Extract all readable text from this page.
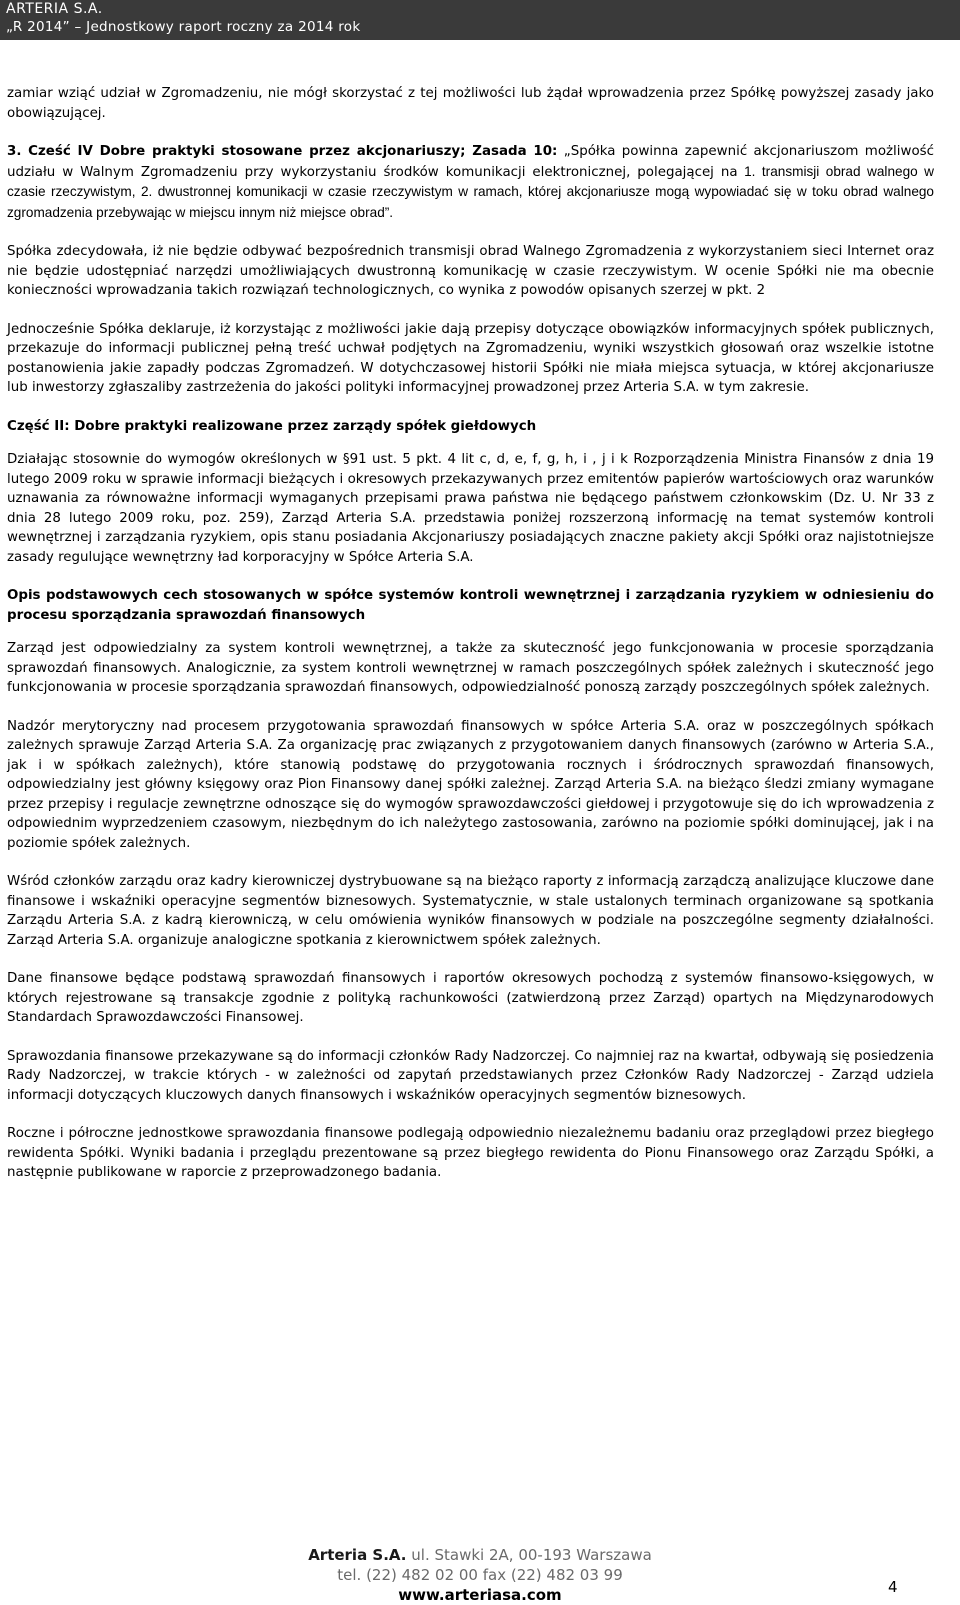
ARTERIA S.A.
„R 2014” – Jednostkowy raport roczny za 2014 rok

zamiar wziąć udział w Zgromadzeniu, nie mógł skorzystać z tej możliwości lub żądał wprowadzenia przez Spółkę powyższej zasady jako obowiązującej.

3. Cześć IV Dobre praktyki stosowane przez akcjonariuszy; Zasada 10: „Spółka powinna zapewnić akcjonariuszom możliwość udziału w Walnym Zgromadzeniu przy wykorzystaniu środków komunikacji elektronicznej, polegającej na 1. transmisji obrad walnego w czasie rzeczywistym, 2. dwustronnej komunikacji w czasie rzeczywistym w ramach, której akcjonariusze mogą wypowiadać się w toku obrad walnego zgromadzenia przebywając w miejscu innym niż miejsce obrad”.

Spółka zdecydowała, iż nie będzie odbywać bezpośrednich transmisji obrad Walnego Zgromadzenia z wykorzystaniem sieci Internet oraz nie będzie udostępniać narzędzi umożliwiających dwustronną komunikację w czasie rzeczywistym. W ocenie Spółki nie ma obecnie konieczności wprowadzania takich rozwiązań technologicznych, co wynika z powodów opisanych szerzej w pkt. 2

Jednocześnie Spółka deklaruje, iż korzystając z możliwości jakie dają przepisy dotyczące obowiązków informacyjnych spółek publicznych, przekazuje do informacji publicznej pełną treść uchwał podjętych na Zgromadzeniu, wyniki wszystkich głosowań oraz wszelkie istotne postanowienia jakie zapadły podczas Zgromadzeń. W dotychczasowej historii Spółki nie miała miejsca sytuacja, w której akcjonariusze lub inwestorzy zgłaszaliby zastrzeżenia do jakości polityki informacyjnej prowadzonej przez Arteria S.A. w tym zakresie.

Część II: Dobre praktyki realizowane przez zarządy spółek giełdowych

Działając stosownie do wymogów określonych w §91 ust. 5 pkt. 4 lit c, d, e, f, g, h, i , j i k Rozporządzenia Ministra Finansów z dnia 19 lutego 2009 roku w sprawie informacji bieżących i okresowych przekazywanych przez emitentów papierów wartościowych oraz warunków uznawania za równoważne informacji wymaganych przepisami prawa państwa nie będącego państwem członkowskim (Dz. U. Nr 33 z dnia 28 lutego 2009 roku, poz. 259), Zarząd Arteria S.A. przedstawia poniżej rozszerzoną informację na temat systemów kontroli wewnętrznej i zarządzania ryzykiem, opis stanu posiadania Akcjonariuszy posiadających znaczne pakiety akcji Spółki oraz najistotniejsze zasady regulujące wewnętrzny ład korporacyjny w Spółce Arteria S.A.

Opis podstawowych cech stosowanych w spółce systemów kontroli wewnętrznej i zarządzania ryzykiem w odniesieniu do procesu sporządzania sprawozdań finansowych

Zarząd jest odpowiedzialny za system kontroli wewnętrznej, a także za skuteczność jego funkcjonowania w procesie sporządzania sprawozdań finansowych. Analogicznie, za system kontroli wewnętrznej w ramach poszczególnych spółek zależnych i skuteczność jego funkcjonowania w procesie sporządzania sprawozdań finansowych, odpowiedzialność ponoszą zarządy poszczególnych spółek zależnych.

Nadzór merytoryczny nad procesem przygotowania sprawozdań finansowych w spółce Arteria S.A. oraz w poszczególnych spółkach zależnych sprawuje Zarząd Arteria S.A. Za organizację prac związanych z przygotowaniem danych finansowych (zarówno w Arteria S.A., jak i w spółkach zależnych), które stanowią podstawę do przygotowania rocznych i śródrocznych sprawozdań finansowych, odpowiedzialny jest główny księgowy oraz Pion Finansowy danej spółki zależnej. Zarząd Arteria S.A. na bieżąco śledzi zmiany wymagane przez przepisy i regulacje zewnętrzne odnoszące się do wymogów sprawozdawczości giełdowej i przygotowuje się do ich wprowadzenia z odpowiednim wyprzedzeniem czasowym, niezbędnym do ich należytego zastosowania, zarówno na poziomie spółki dominującej, jak i na poziomie spółek zależnych.

Wśród członków zarządu oraz kadry kierowniczej dystrybuowane są na bieżąco raporty z informacją zarządczą analizujące kluczowe dane finansowe i wskaźniki operacyjne segmentów biznesowych. Systematycznie, w stale ustalonych terminach organizowane są spotkania Zarządu Arteria S.A. z kadrą kierowniczą, w celu omówienia wyników finansowych w podziale na poszczególne segmenty działalności. Zarząd Arteria S.A. organizuje analogiczne spotkania z kierownictwem spółek zależnych.

Dane finansowe będące podstawą sprawozdań finansowych i raportów okresowych pochodzą z systemów finansowo-księgowych, w których rejestrowane są transakcje zgodnie z polityką rachunkowości (zatwierdzoną przez Zarząd) opartych na Międzynarodowych Standardach Sprawozdawczości Finansowej.

Sprawozdania finansowe przekazywane są do informacji członków Rady Nadzorczej. Co najmniej raz na kwartał, odbywają się posiedzenia Rady Nadzorczej, w trakcie których - w zależności od zapytań przedstawianych przez Członków Rady Nadzorczej - Zarząd udziela informacji dotyczących kluczowych danych finansowych i wskaźników operacyjnych segmentów biznesowych.

Roczne i półroczne jednostkowe sprawozdania finansowe podlegają odpowiednio niezależnemu badaniu oraz przeglądowi przez biegłego rewidenta Spółki. Wyniki badania i przeglądu prezentowane są przez biegłego rewidenta do Pionu Finansowego oraz Zarządu Spółki, a następnie publikowane w raporcie z przeprowadzonego badania.

Arteria S.A. ul. Stawki 2A, 00-193 Warszawa
tel. (22) 482 02 00 fax (22) 482 03 99
www.arteriasa.com	4
